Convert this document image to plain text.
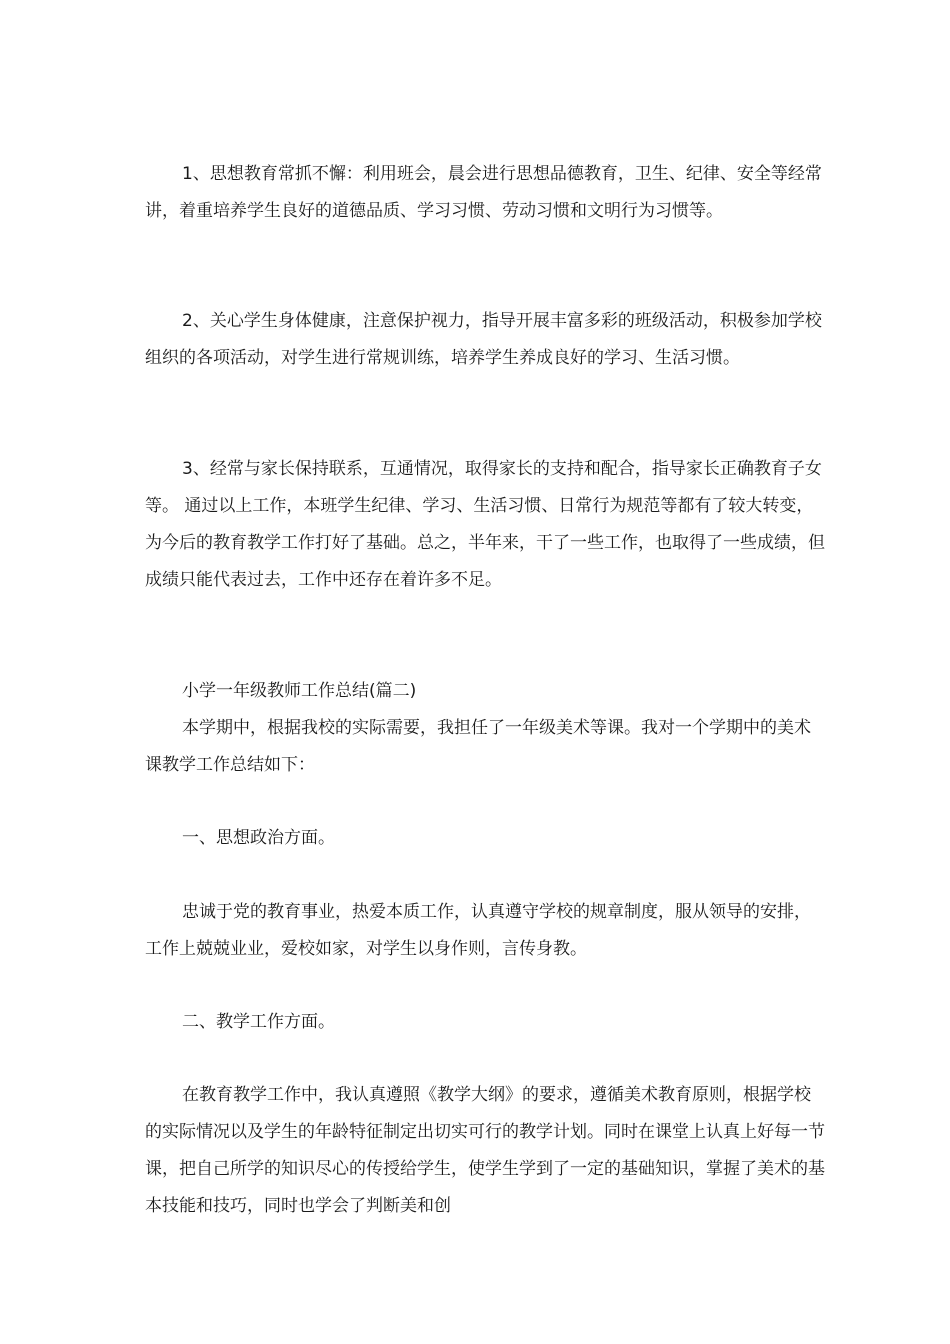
1、思想教育常抓不懈：利用班会，晨会进行思想品德教育，卫生、纪律、安全等经常讲，着重培养学生良好的道德品质、学习习惯、劳动习惯和文明行为习惯等。

2、关心学生身体健康，注意保护视力，指导开展丰富多彩的班级活动，积极参加学校组织的各项活动，对学生进行常规训练，培养学生养成良好的学习、生活习惯。

3、经常与家长保持联系，互通情况，取得家长的支持和配合，指导家长正确教育子女等。 通过以上工作，本班学生纪律、学习、生活习惯、日常行为规范等都有了较大转变，为今后的教育教学工作打好了基础。总之，半年来，干了一些工作，也取得了一些成绩，但成绩只能代表过去，工作中还存在着许多不足。

小学一年级教师工作总结(篇二)

本学期中，根据我校的实际需要，我担任了一年级美术等课。我对一个学期中的美术课教学工作总结如下：

一、思想政治方面。

忠诚于党的教育事业，热爱本质工作，认真遵守学校的规章制度，服从领导的安排，工作上兢兢业业，爱校如家，对学生以身作则，言传身教。

二、教学工作方面。

在教育教学工作中，我认真遵照《教学大纲》的要求，遵循美术教育原则，根据学校的实际情况以及学生的年龄特征制定出切实可行的教学计划。同时在课堂上认真上好每一节课，把自己所学的知识尽心的传授给学生，使学生学到了一定的基础知识，掌握了美术的基本技能和技巧，同时也学会了判断美和创
